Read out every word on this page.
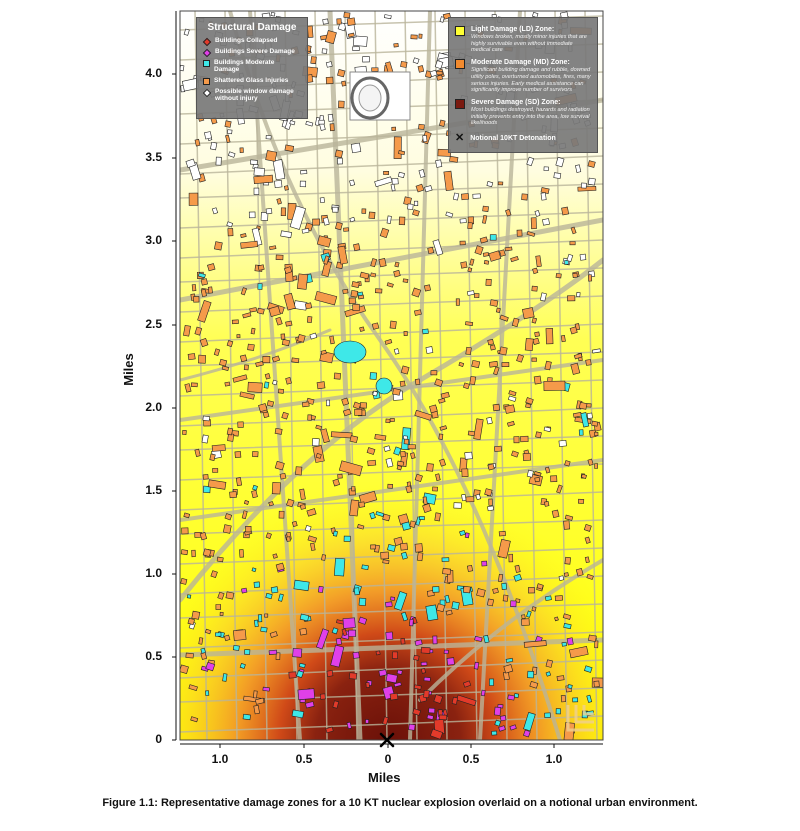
Structural Damage
Buildings Collapsed
Buildings Severe Damage
Buildings Moderate Damage
Shattered Glass Injuries
Possible window damage without injury
Light Damage (LD) Zone:
Windows broken, mostly minor injuries that are highly survivable even without immediate medical care
Moderate Damage (MD) Zone:
Significant building damage and rubble, downed utility poles, overturned automobiles, fires, many serious injuries. Early medical assistance can significantly improve number of survivors
Severe Damage (SD) Zone:
Most buildings destroyed, hazards and radiation initially prevents entry into the area, low survival likelihoods
✕ Notional 10KT Detonation
4.0
3.5
3.0
2.5
2.0
1.5
1.0
0.5
0
1.0	0.5	0	0.5	1.0
Miles
Miles
Figure 1.1: Representative damage zones for a 10 KT nuclear explosion overlaid on a notional urban environment.
